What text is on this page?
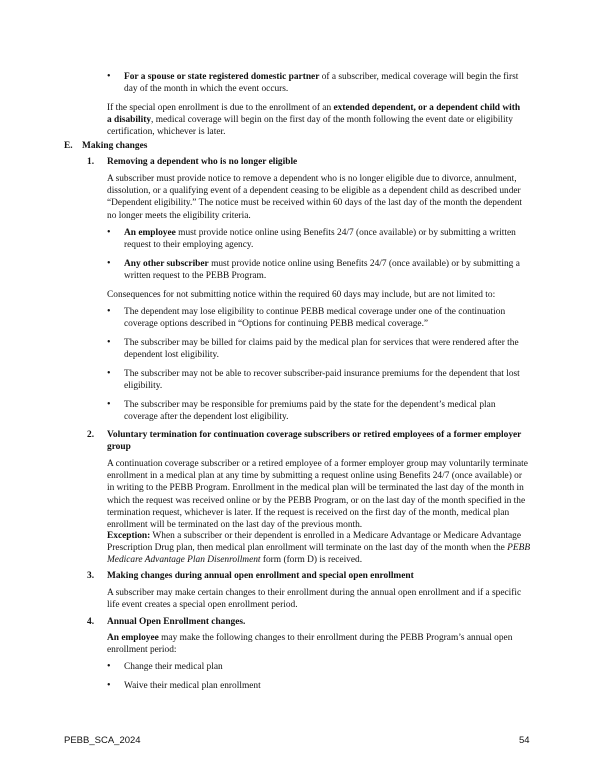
•

For a spouse or state registered domestic partner of a subscriber, medical coverage will begin the first day of the month in which the event occurs.

If the special open enrollment is due to the enrollment of an extended dependent, or a dependent child with a disability, medical coverage will begin on the first day of the month following the event date or eligibility certification, whichever is later.

E. Making changes
1. Removing a dependent who is no longer eligible

A subscriber must provide notice to remove a dependent who is no longer eligible due to divorce, annulment, dissolution, or a qualifying event of a dependent ceasing to be eligible as a dependent child as described under “Dependent eligibility.” The notice must be received within 60 days of the last day of the month the dependent no longer meets the eligibility criteria.

•

An employee must provide notice online using Benefits 24/7 (once available) or by submitting a written request to their employing agency.

•

Any other subscriber must provide notice online using Benefits 24/7 (once available) or by submitting a written request to the PEBB Program.

Consequences for not submitting notice within the required 60 days may include, but are not limited to:

•

The dependent may lose eligibility to continue PEBB medical coverage under one of the continuation coverage options described in “Options for continuing PEBB medical coverage.”

•

The subscriber may be billed for claims paid by the medical plan for services that were rendered after the dependent lost eligibility.

•

The subscriber may not be able to recover subscriber-paid insurance premiums for the dependent that lost eligibility.

•

The subscriber may be responsible for premiums paid by the state for the dependent’s medical plan coverage after the dependent lost eligibility.

2. Voluntary termination for continuation coverage subscribers or retired employees of a former employer group

A continuation coverage subscriber or a retired employee of a former employer group may voluntarily terminate enrollment in a medical plan at any time by submitting a request online using Benefits 24/7 (once available) or in writing to the PEBB Program. Enrollment in the medical plan will be terminated the last day of the month in which the request was received online or by the PEBB Program, or on the last day of the month specified in the termination request, whichever is later. If the request is received on the first day of the month, medical plan enrollment will be terminated on the last day of the previous month.

Exception: When a subscriber or their dependent is enrolled in a Medicare Advantage or Medicare Advantage Prescription Drug plan, then medical plan enrollment will terminate on the last day of the month when the PEBB Medicare Advantage Plan Disenrollment form (form D) is received.

3. Making changes during annual open enrollment and special open enrollment

A subscriber may make certain changes to their enrollment during the annual open enrollment and if a specific life event creates a special open enrollment period.

4. Annual Open Enrollment changes.

An employee may make the following changes to their enrollment during the PEBB Program’s annual open enrollment period:

•

Change their medical plan

•

Waive their medical plan enrollment

PEBB_SCA_2024	54
